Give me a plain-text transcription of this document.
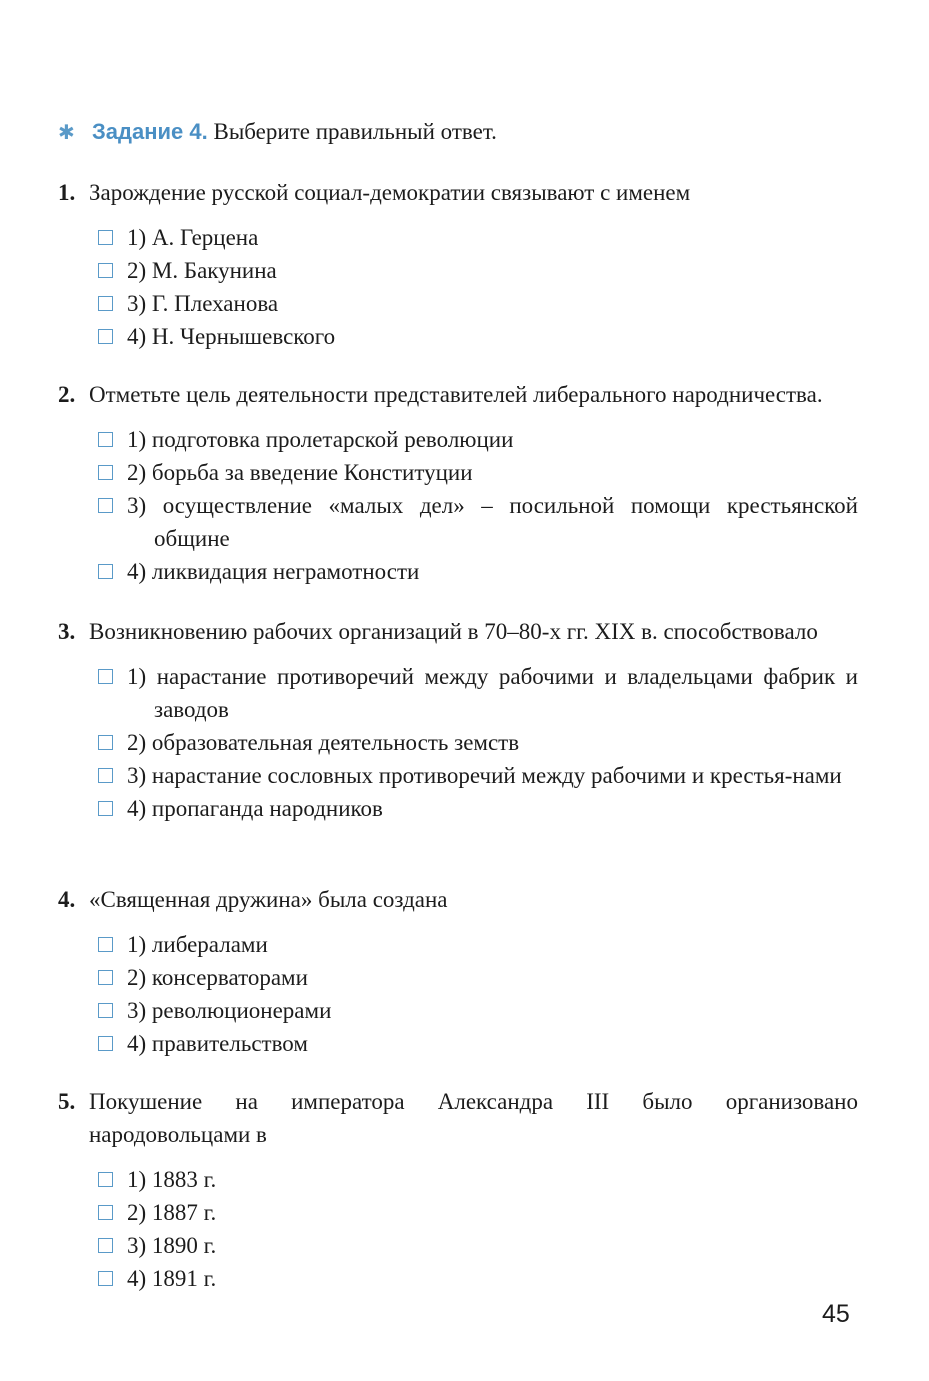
✱ Задание 4. Выберите правильный ответ.
1. Зарождение русской социал-демократии связывают с именем
1) А. Герцена
2) М. Бакунина
3) Г. Плеханова
4) Н. Чернышевского
2. Отметьте цель деятельности представителей либерального народничества.
1) подготовка пролетарской революции
2) борьба за введение Конституции
3) осуществление «малых дел» – посильной помощи крестьянской общине
4) ликвидация неграмотности
3. Возникновению рабочих организаций в 70–80-х гг. XIX в. способствовало
1) нарастание противоречий между рабочими и владельцами фабрик и заводов
2) образовательная деятельность земств
3) нарастание сословных противоречий между рабочими и крестья-нами
4) пропаганда народников
4. «Священная дружина» была создана
1) либералами
2) консерваторами
3) революционерами
4) правительством
5. Покушение на императора Александра III было организовано народовольцами в
1) 1883 г.
2) 1887 г.
3) 1890 г.
4) 1891 г.
45
